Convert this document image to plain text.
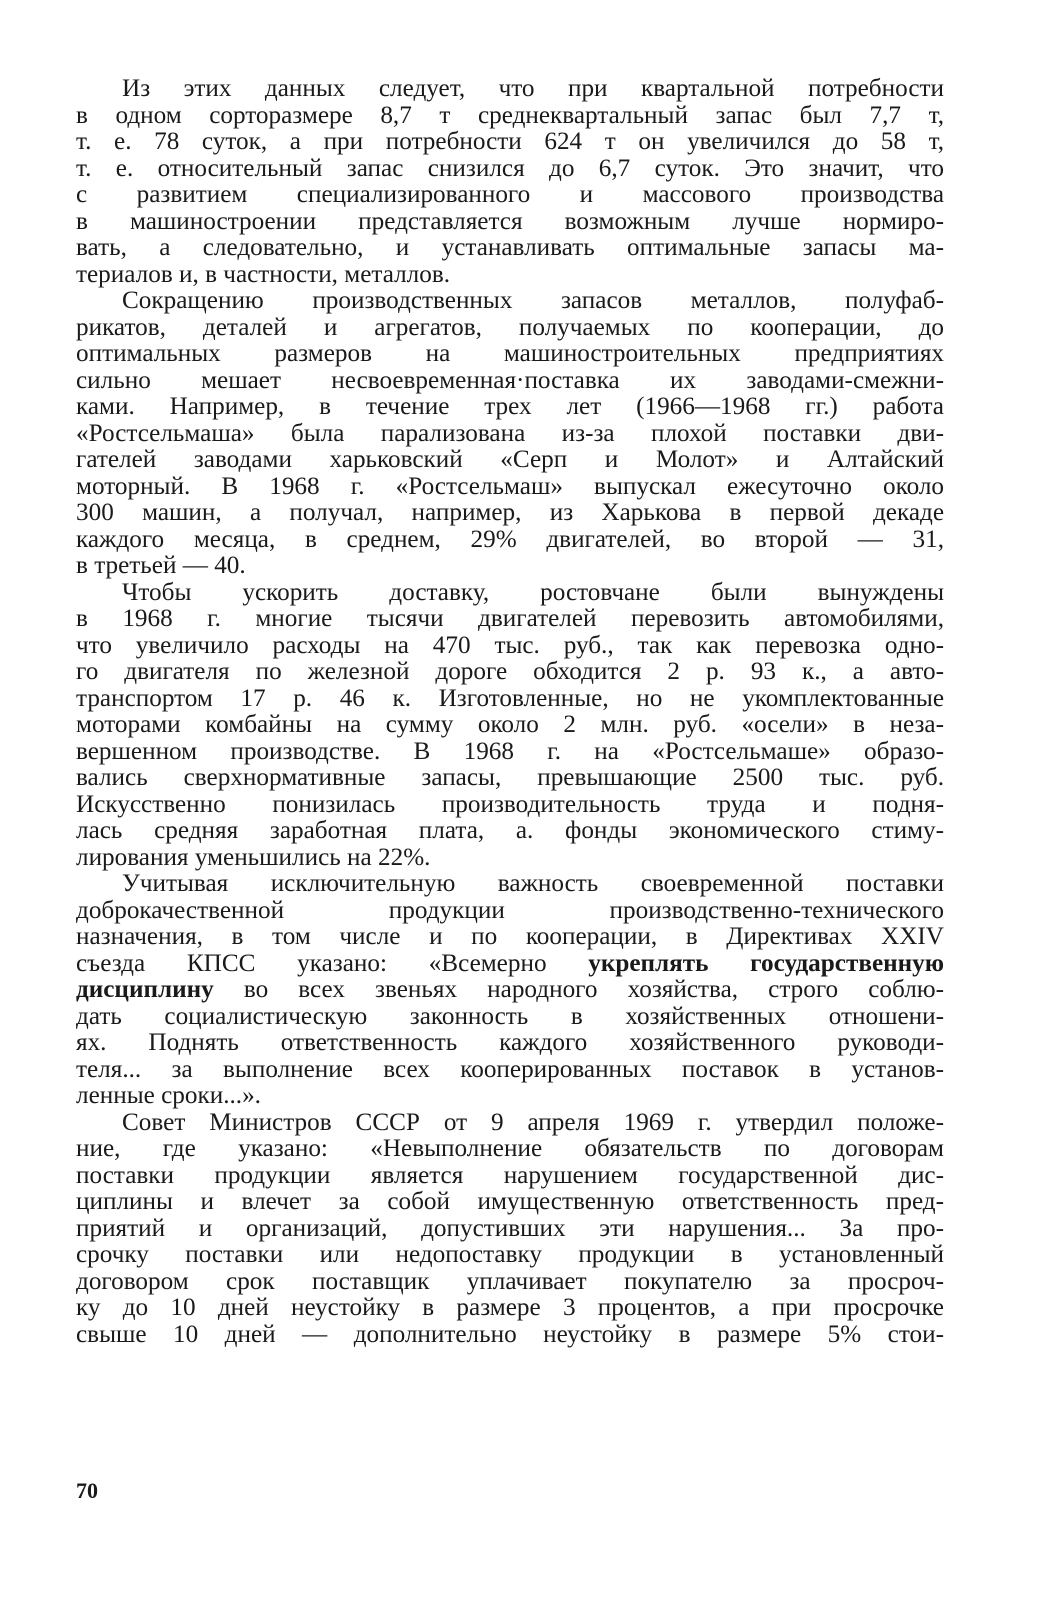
Из этих данных следует, что при квартальной потребности
в одном сорторазмере 8,7 т среднеквартальный запас был 7,7 т,
т. е. 78 суток, а при потребности 624 т он увеличился до 58 т,
т. е. относительный запас снизился до 6,7 суток. Это значит, что
с развитием специализированного и массового производства
в машиностроении представляется возможным лучше нормиро-
вать, а следовательно, и устанавливать оптимальные запасы ма-
териалов и, в частности, металлов.
Сокращению производственных запасов металлов, полуфаб-
рикатов, деталей и агрегатов, получаемых по кооперации, до
оптимальных размеров на машиностроительных предприятиях
сильно мешает несвоевременная·поставка их заводами-смежни-
ками. Например, в течение трех лет (1966—1968 гг.) работа
«Ростсельмаша» была парализована из-за плохой поставки дви-
гателей заводами харьковский «Серп и Молот» и Алтайский
моторный. В 1968 г. «Ростсельмаш» выпускал ежесуточно около
300 машин, а получал, например, из Харькова в первой декаде
каждого месяца, в среднем, 29% двигателей, во второй — 31,
в третьей — 40.
Чтобы ускорить доставку, ростовчане были вынуждены
в 1968 г. многие тысячи двигателей перевозить автомобилями,
что увеличило расходы на 470 тыс. руб., так как перевозка одно-
го двигателя по железной дороге обходится 2 р. 93 к., а авто-
транспортом 17 р. 46 к. Изготовленные, но не укомплектованные
моторами комбайны на сумму около 2 млн. руб. «осели» в неза-
вершенном производстве. В 1968 г. на «Ростсельмаше» образо-
вались сверхнормативные запасы, превышающие 2500 тыс. руб.
Искусственно понизилась производительность труда и подня-
лась средняя заработная плата, а. фонды экономического стиму-
лирования уменьшились на 22%.
Учитывая исключительную важность своевременной поставки
доброкачественной продукции производственно-технического
назначения, в том числе и по кооперации, в Директивах XXIV
съезда КПСС указано: «Всемерно укреплять государственную
дисциплину во всех звеньях народного хозяйства, строго соблю-
дать социалистическую законность в хозяйственных отношени-
ях. Поднять ответственность каждого хозяйственного руководи-
теля... за выполнение всех кооперированных поставок в установ-
ленные сроки...».
Совет Министров СССР от 9 апреля 1969 г. утвердил положе-
ние, где указано: «Невыполнение обязательств по договорам
поставки продукции является нарушением государственной дис-
циплины и влечет за собой имущественную ответственность пред-
приятий и организаций, допустивших эти нарушения... За про-
срочку поставки или недопоставку продукции в установленный
договором срок поставщик уплачивает покупателю за просроч-
ку до 10 дней неустойку в размере 3 процентов, а при просрочке
свыше 10 дней — дополнительно неустойку в размере 5% стои-
70
